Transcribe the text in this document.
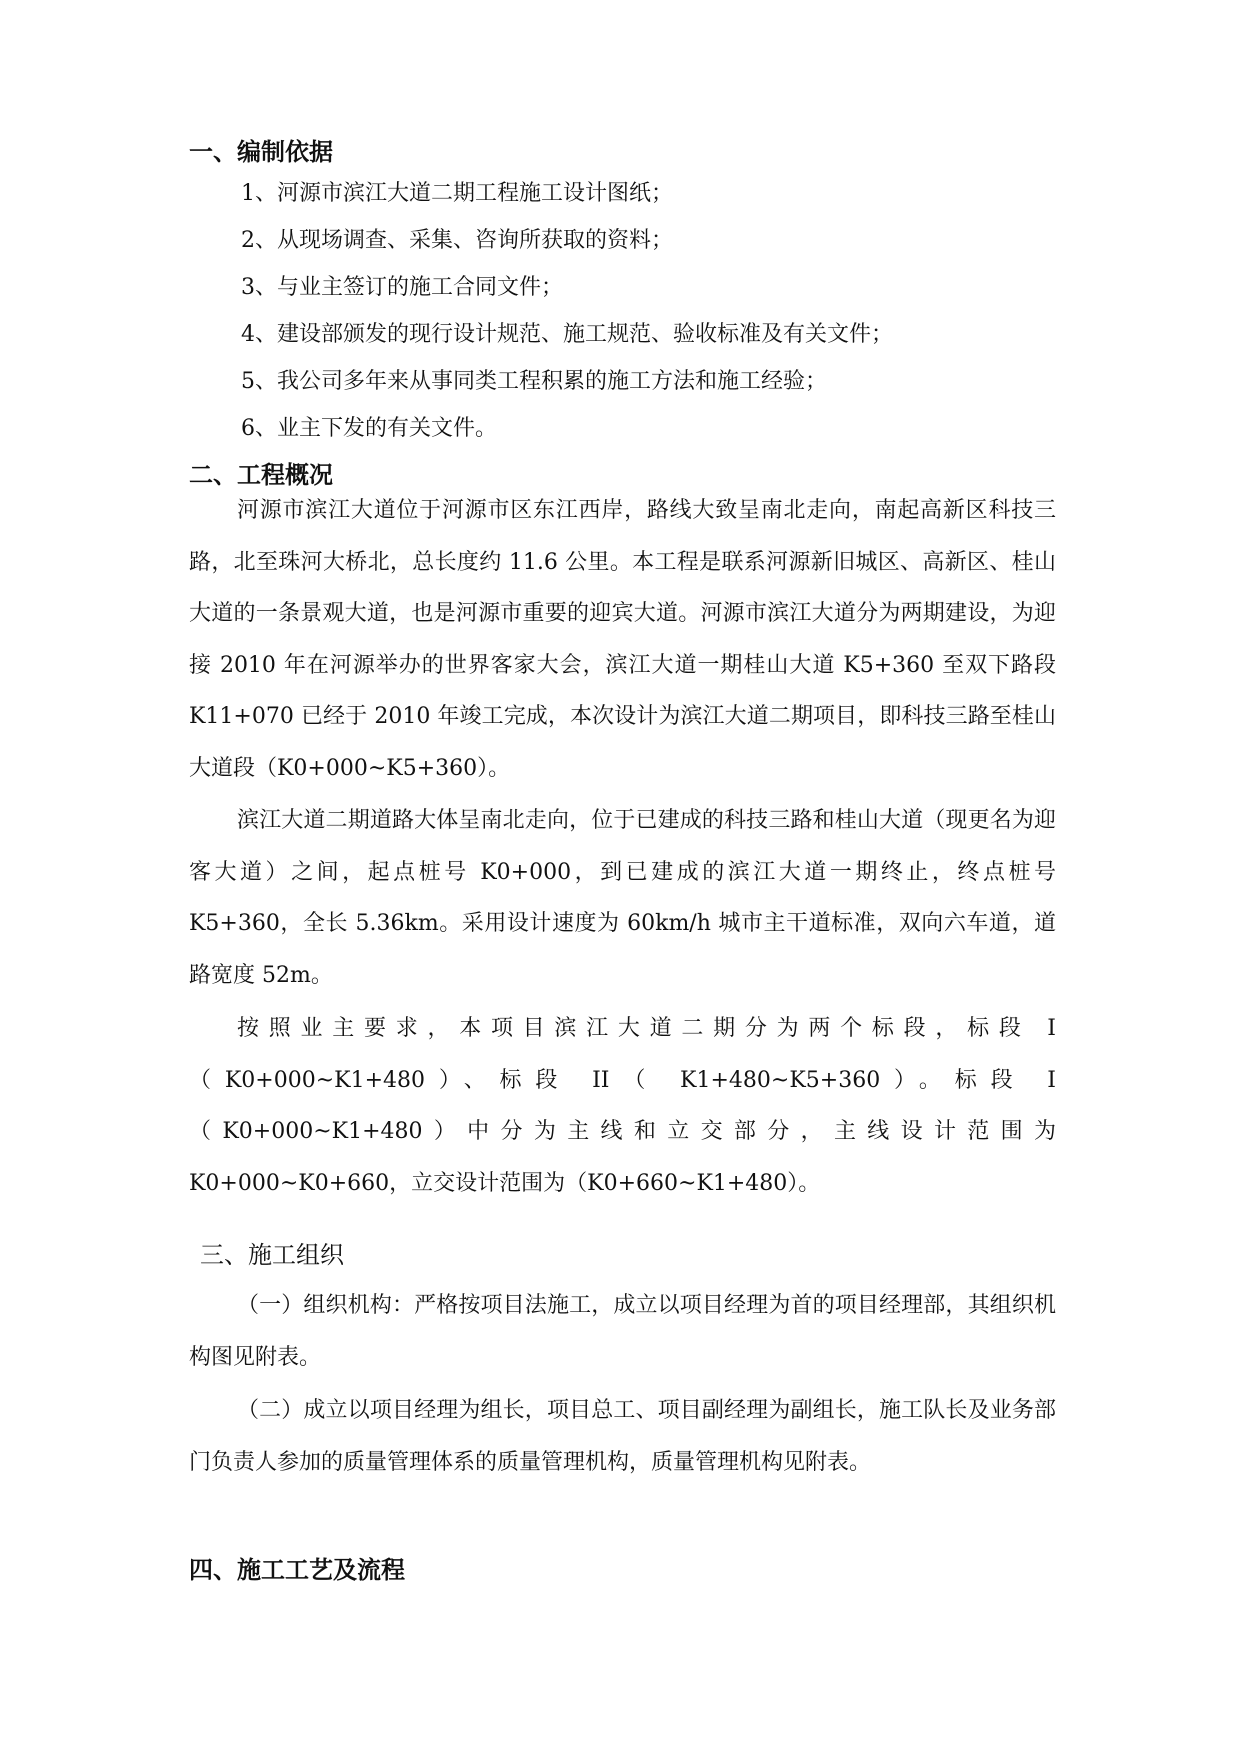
一、编制依据
1、河源市滨江大道二期工程施工设计图纸；
2、从现场调查、采集、咨询所获取的资料；
3、与业主签订的施工合同文件；
4、建设部颁发的现行设计规范、施工规范、验收标准及有关文件；
5、我公司多年来从事同类工程积累的施工方法和施工经验；
6、业主下发的有关文件。
二、工程概况

河源市滨江大道位于河源市区东江西岸，路线大致呈南北走向，南起高新区科技三路，北至珠河大桥北，总长度约 11.6 公里。本工程是联系河源新旧城区、高新区、桂山大道的一条景观大道，也是河源市重要的迎宾大道。河源市滨江大道分为两期建设，为迎接 2010 年在河源举办的世界客家大会，滨江大道一期桂山大道 K5+360 至双下路段 K11+070 已经于 2010 年竣工完成，本次设计为滨江大道二期项目，即科技三路至桂山大道段（K0+000~K5+360）。

滨江大道二期道路大体呈南北走向，位于已建成的科技三路和桂山大道（现更名为迎客大道）之间，起点桩号 K0+000，到已建成的滨江大道一期终止，终点桩号 K5+360，全长 5.36km。采用设计速度为 60km/h 城市主干道标准，双向六车道，道路宽度 52m。

按照业主要求，本项目滨江大道二期分为两个标段，标段 I（K0+000~K1+480）、标段 II（ K1+480~K5+360）。标段 I（K0+000~K1+480）中分为主线和立交部分，主线设计范围为 K0+000~K0+660，立交设计范围为（K0+660~K1+480）。

三、施工组织

（一）组织机构：严格按项目法施工，成立以项目经理为首的项目经理部，其组织机构图见附表。

（二）成立以项目经理为组长，项目总工、项目副经理为副组长，施工队长及业务部门负责人参加的质量管理体系的质量管理机构，质量管理机构见附表。

四、施工工艺及流程
